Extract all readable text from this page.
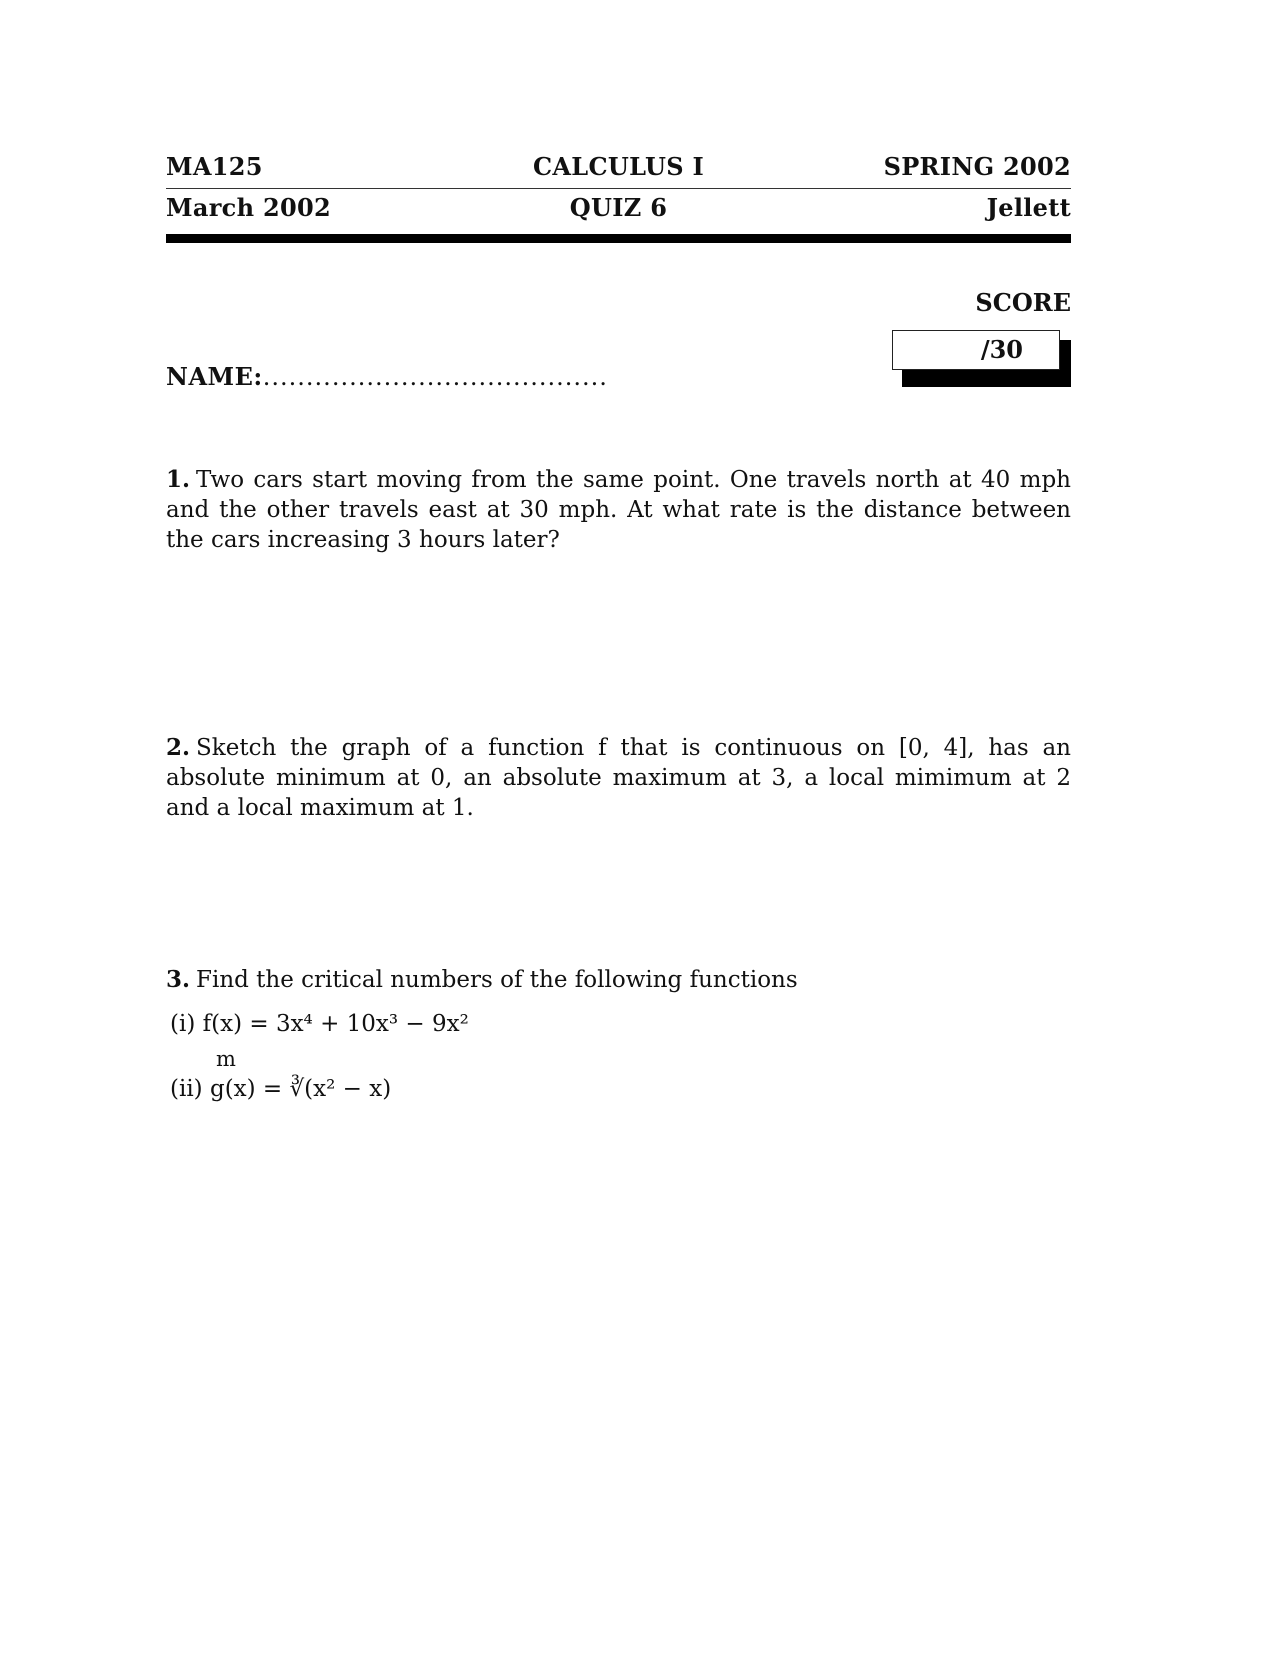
MA125	CALCULUS I	SPRING 2002
March 2002	QUIZ 6	Jellett
SCORE
/30
NAME:........................................
1. Two cars start moving from the same point. One travels north at 40 mph and the other travels east at 30 mph. At what rate is the distance between the cars increasing 3 hours later?
2. Sketch the graph of a function f that is continuous on [0, 4], has an absolute minimum at 0, an absolute maximum at 3, a local mimimum at 2 and a local maximum at 1.
3. Find the critical numbers of the following functions
(i) f(x) = 3x⁴ + 10x³ − 9x²
m
(ii) g(x) = ∛(x² − x)
